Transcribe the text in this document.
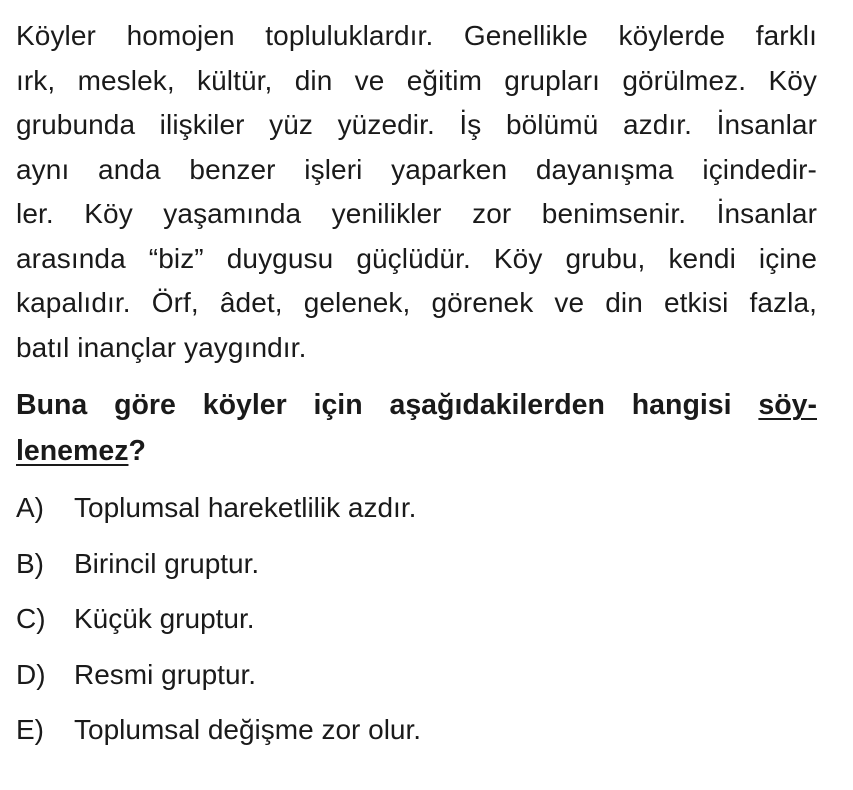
Köyler homojen topluluklardır. Genellikle köylerde farklı
ırk, meslek, kültür, din ve eğitim grupları görülmez. Köy
grubunda ilişkiler yüz yüzedir. İş bölümü azdır. İnsanlar
aynı anda benzer işleri yaparken dayanışma içindedir-
ler. Köy yaşamında yenilikler zor benimsenir. İnsanlar
arasında “biz” duygusu güçlüdür. Köy grubu, kendi içine
kapalıdır. Örf, âdet, gelenek, görenek ve din etkisi fazla,
batıl inançlar yaygındır.
Buna göre köyler için aşağıdakilerden hangisi söy-
lenemez?
A)	Toplumsal hareketlilik azdır.
B)	Birincil gruptur.
C)	Küçük gruptur.
D)	Resmi gruptur.
E)	Toplumsal değişme zor olur.
